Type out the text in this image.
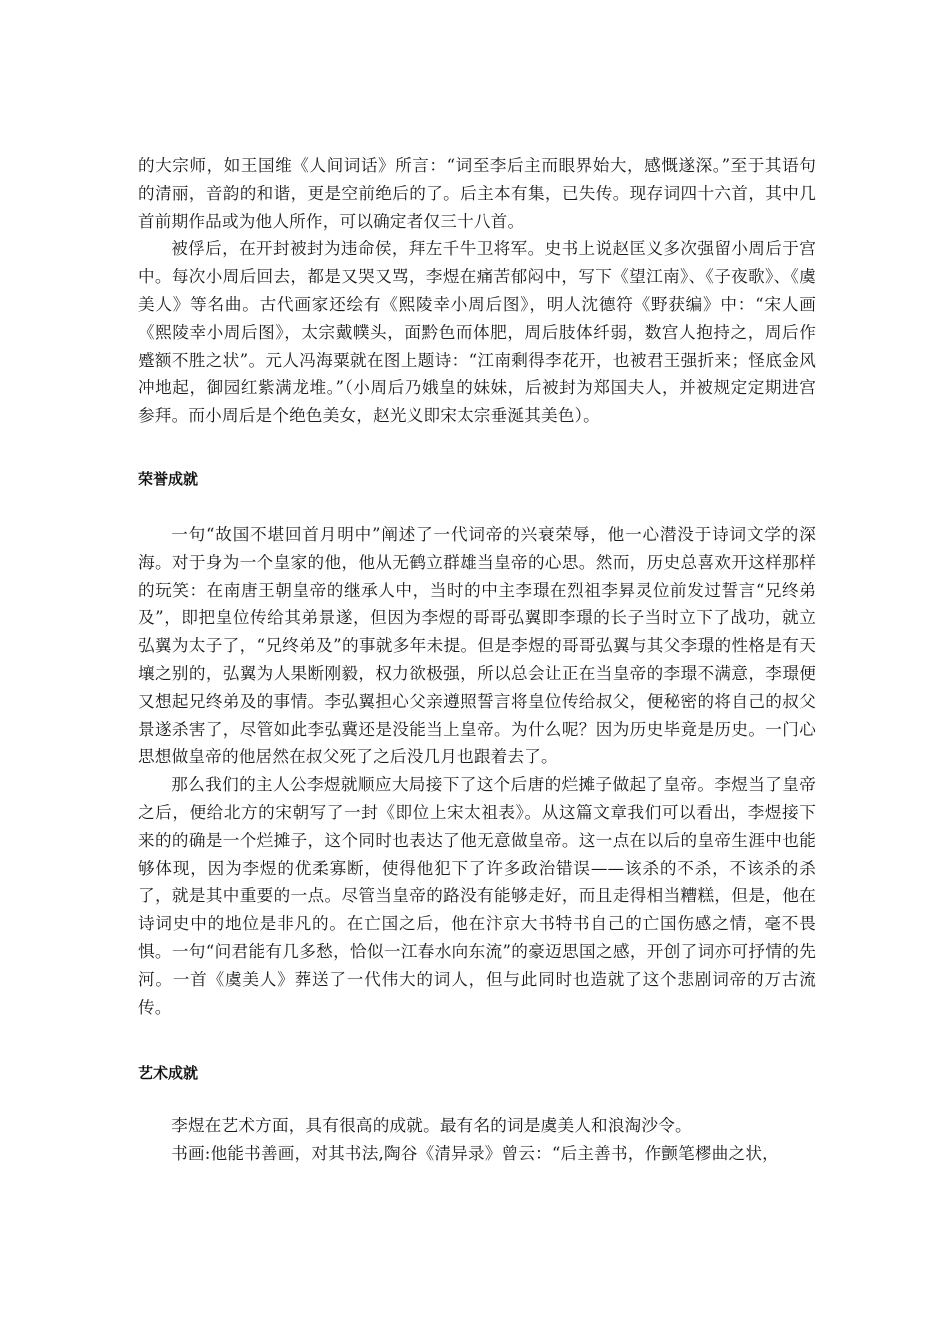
的大宗师，如王国维《人间词话》所言：“词至李后主而眼界始大，感慨遂深。”至于其语句的清丽，音韵的和谐，更是空前绝后的了。后主本有集，已失传。现存词四十六首，其中几首前期作品或为他人所作，可以确定者仅三十八首。

被俘后，在开封被封为违命侯，拜左千牛卫将军。史书上说赵匡义多次强留小周后于宫中。每次小周后回去，都是又哭又骂，李煜在痛苦郁闷中，写下《望江南》、《子夜歌》、《虞美人》等名曲。古代画家还绘有《熙陵幸小周后图》，明人沈德符《野获编》中：“宋人画《熙陵幸小周后图》，太宗戴幞头，面黔色而体肥，周后肢体纤弱，数宫人抱持之，周后作蹙额不胜之状”。元人冯海粟就在图上题诗：“江南剩得李花开，也被君王强折来；怪底金风冲地起，御园红紫满龙堆。”（小周后乃娥皇的妹妹，后被封为郑国夫人，并被规定定期进宫参拜。而小周后是个绝色美女，赵光义即宋太宗垂涎其美色）。

荣誉成就

一句“故国不堪回首月明中”阐述了一代词帝的兴衰荣辱，他一心潜没于诗词文学的深海。对于身为一个皇家的他，他从无鹤立群雄当皇帝的心思。然而，历史总喜欢开这样那样的玩笑：在南唐王朝皇帝的继承人中，当时的中主李璟在烈祖李昪灵位前发过誓言“兄终弟及”，即把皇位传给其弟景遂，但因为李煜的哥哥弘翼即李璟的长子当时立下了战功，就立弘翼为太子了，“兄终弟及”的事就多年未提。但是李煜的哥哥弘翼与其父李璟的性格是有天壤之别的，弘翼为人果断刚毅，权力欲极强，所以总会让正在当皇帝的李璟不满意，李璟便又想起兄终弟及的事情。李弘翼担心父亲遵照誓言将皇位传给叔父，便秘密的将自己的叔父景遂杀害了，尽管如此李弘冀还是没能当上皇帝。为什么呢？因为历史毕竟是历史。一门心思想做皇帝的他居然在叔父死了之后没几月也跟着去了。

那么我们的主人公李煜就顺应大局接下了这个后唐的烂摊子做起了皇帝。李煜当了皇帝之后，便给北方的宋朝写了一封《即位上宋太祖表》。从这篇文章我们可以看出，李煜接下来的的确是一个烂摊子，这个同时也表达了他无意做皇帝。这一点在以后的皇帝生涯中也能够体现，因为李煜的优柔寡断，使得他犯下了许多政治错误——该杀的不杀，不该杀的杀了，就是其中重要的一点。尽管当皇帝的路没有能够走好，而且走得相当糟糕，但是，他在诗词史中的地位是非凡的。在亡国之后，他在汴京大书特书自己的亡国伤感之情，毫不畏惧。一句“问君能有几多愁，恰似一江春水向东流”的豪迈思国之感，开创了词亦可抒情的先河。一首《虞美人》葬送了一代伟大的词人，但与此同时也造就了这个悲剧词帝的万古流传。

艺术成就

李煜在艺术方面，具有很高的成就。最有名的词是虞美人和浪淘沙令。

书画:他能书善画，对其书法,陶谷《清异录》曾云：“后主善书，作颤笔樛曲之状，
